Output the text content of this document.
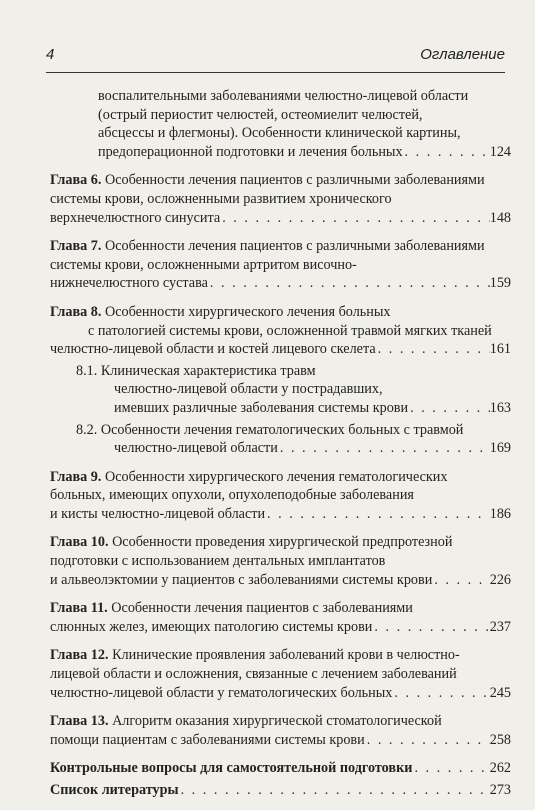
4	Оглавление
воспалительными заболеваниями челюстно-лицевой области
(острый периостит челюстей, остеомиелит челюстей,
абсцессы и флегмоны). Особенности клинической картины,
предоперационной подготовки и лечения больных . . .	124
Глава 6. Особенности лечения пациентов с различными заболеваниями
системы крови, осложненными развитием хронического
верхнечелюстного синусита . . .	148
Глава 7. Особенности лечения пациентов с различными заболеваниями
системы крови, осложненными артритом височно-
нижнечелюстного сустава . . .	159
Глава 8. Особенности хирургического лечения больных
с патологией системы крови, осложненной травмой мягких тканей
челюстно-лицевой области и костей лицевого скелета . . .	161
8.1. Клиническая характеристика травм
челюстно-лицевой области у пострадавших,
имевших различные заболевания системы крови . . .	163
8.2. Особенности лечения гематологических больных с травмой
челюстно-лицевой области . . .	169
Глава 9. Особенности хирургического лечения гематологических
больных, имеющих опухоли, опухолеподобные заболевания
и кисты челюстно-лицевой области . . .	186
Глава 10. Особенности проведения хирургической предпротезной
подготовки с использованием дентальных имплантатов
и альвеолэктомии у пациентов с заболеваниями системы крови . . .	226
Глава 11. Особенности лечения пациентов с заболеваниями
слюнных желез, имеющих патологию системы крови . . .	237
Глава 12. Клинические проявления заболеваний крови в челюстно-
лицевой области и осложнения, связанные с лечением заболеваний
челюстно-лицевой области у гематологических больных . . .	245
Глава 13. Алгоритм оказания хирургической стоматологической
помощи пациентам с заболеваниями системы крови . . .	258
Контрольные вопросы для самостоятельной подготовки . . .	262
Список литературы . . .	273
